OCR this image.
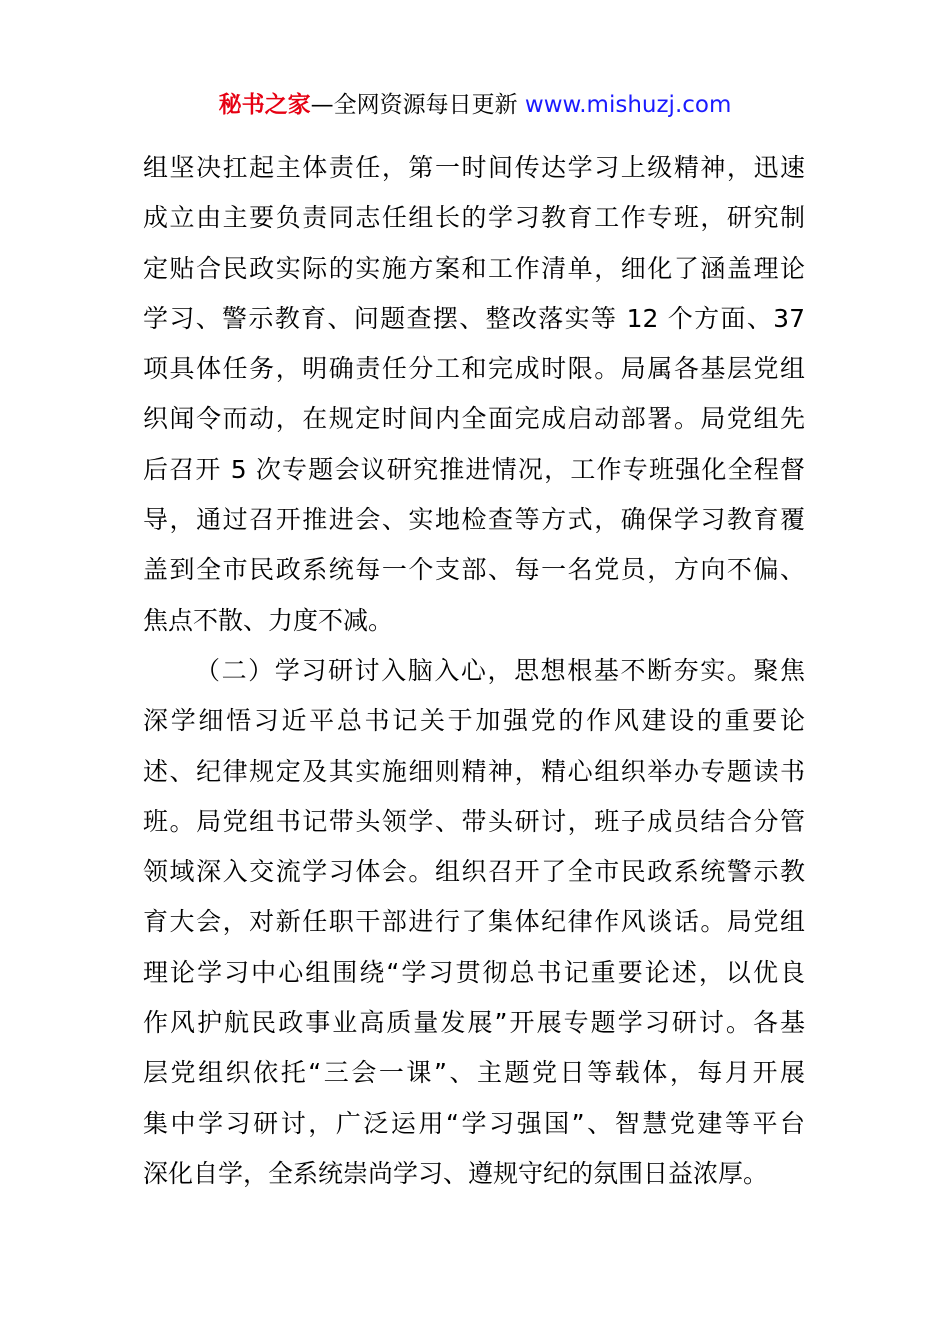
秘书之家—全网资源每日更新 www.mishuzj.com
组坚决扛起主体责任，第一时间传达学习上级精神，迅速
成立由主要负责同志任组长的学习教育工作专班，研究制
定贴合民政实际的实施方案和工作清单，细化了涵盖理论
学习、警示教育、问题查摆、整改落实等 12 个方面、37
项具体任务，明确责任分工和完成时限。局属各基层党组
织闻令而动，在规定时间内全面完成启动部署。局党组先
后召开 5 次专题会议研究推进情况，工作专班强化全程督
导，通过召开推进会、实地检查等方式，确保学习教育覆
盖到全市民政系统每一个支部、每一名党员，方向不偏、
焦点不散、力度不减。
（二）学习研讨入脑入心，思想根基不断夯实。聚焦
深学细悟习近平总书记关于加强党的作风建设的重要论
述、纪律规定及其实施细则精神，精心组织举办专题读书
班。局党组书记带头领学、带头研讨，班子成员结合分管
领域深入交流学习体会。组织召开了全市民政系统警示教
育大会，对新任职干部进行了集体纪律作风谈话。局党组
理论学习中心组围绕“学习贯彻总书记重要论述，以优良
作风护航民政事业高质量发展”开展专题学习研讨。各基
层党组织依托“三会一课”、主题党日等载体，每月开展
集中学习研讨，广泛运用“学习强国”、智慧党建等平台
深化自学，全系统崇尚学习、遵规守纪的氛围日益浓厚。
